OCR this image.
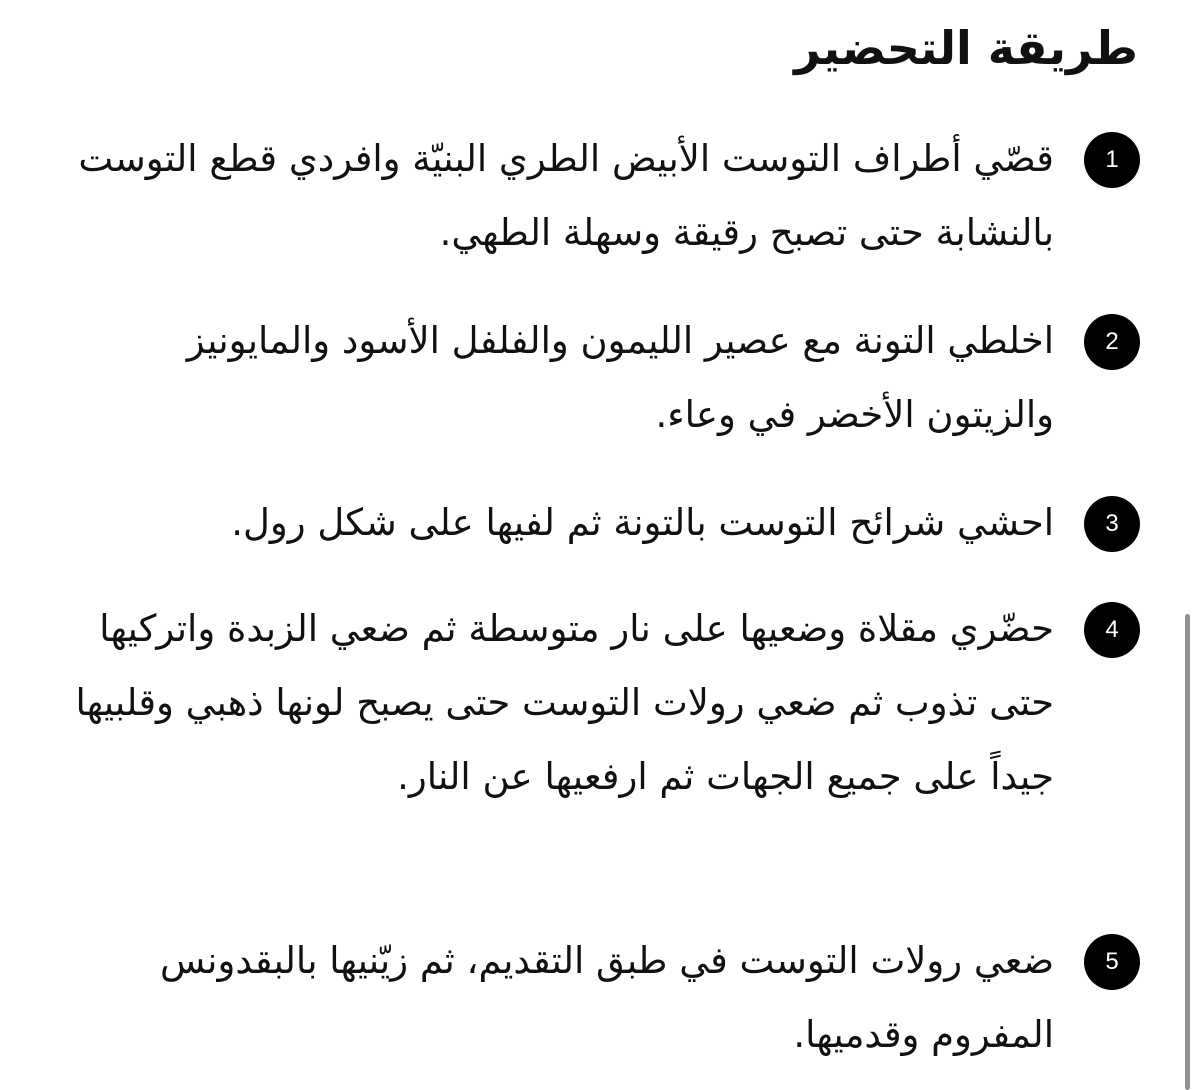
طريقة التحضير
1

قصّي أطراف التوست الأبيض الطري البنيّة وافردي قطع التوست بالنشابة حتى تصبح رقيقة وسهلة الطهي.

2

اخلطي التونة مع عصير الليمون والفلفل الأسود والمايونيز والزيتون الأخضر في وعاء.

3

احشي شرائح التوست بالتونة ثم لفيها على شكل رول.

4

حضّري مقلاة وضعيها على نار متوسطة ثم ضعي الزبدة واتركيها حتى تذوب ثم ضعي رولات التوست حتى يصبح لونها ذهبي وقلبيها جيداً على جميع الجهات ثم ارفعيها عن النار.

5

ضعي رولات التوست في طبق التقديم، ثم زيّنيها بالبقدونس المفروم وقدميها.
